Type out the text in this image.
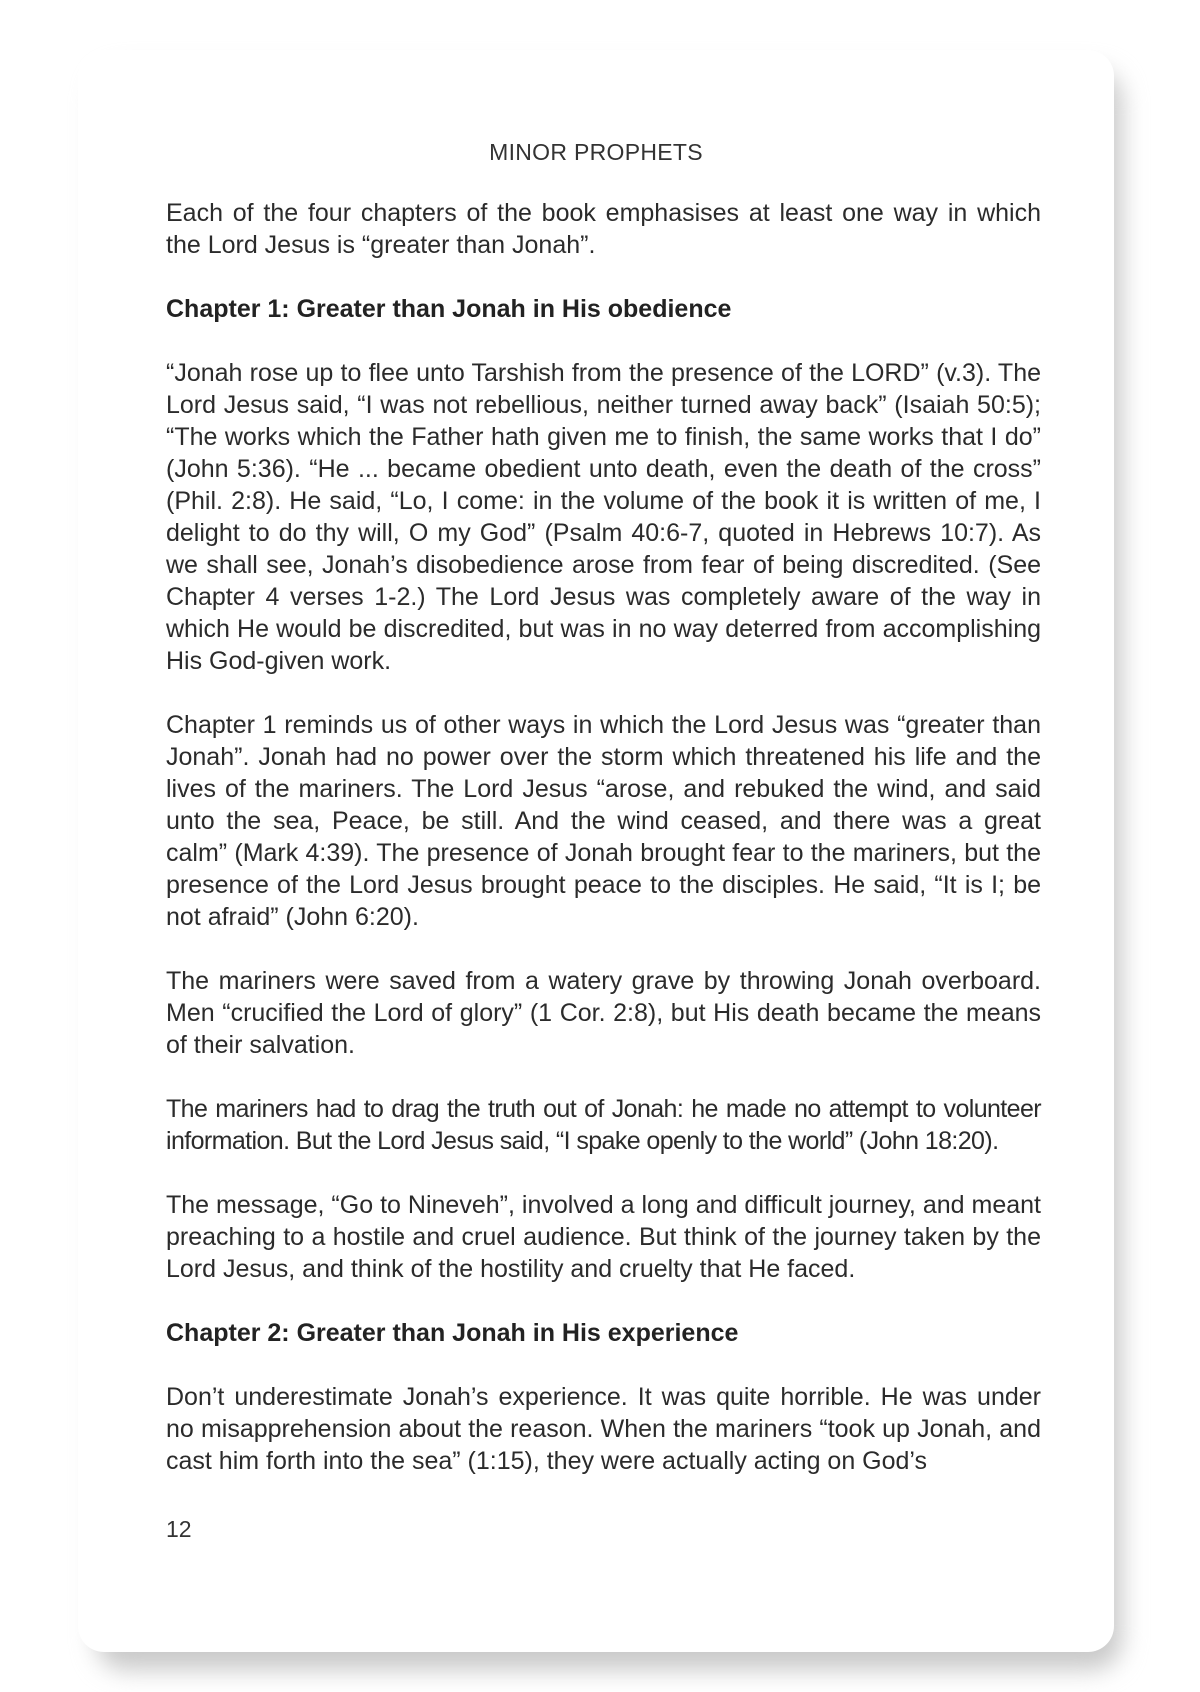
MINOR PROPHETS

Each of the four chapters of the book emphasises at least one way in which the Lord Jesus is “greater than Jonah”.

Chapter 1: Greater than Jonah in His obedience

“Jonah rose up to flee unto Tarshish from the presence of the LORD” (v.3). The Lord Jesus said, “I was not rebellious, neither turned away back” (Isaiah 50:5); “The works which the Father hath given me to finish, the same works that I do” (John 5:36). “He ... became obedient unto death, even the death of the cross” (Phil. 2:8). He said, “Lo, I come: in the volume of the book it is written of me, I delight to do thy will, O my God” (Psalm 40:6-7, quoted in Hebrews 10:7). As we shall see, Jonah’s disobedience arose from fear of being discredited. (See Chapter 4 verses 1-2.) The Lord Jesus was completely aware of the way in which He would be discredited, but was in no way deterred from accomplishing His God-given work.

Chapter 1 reminds us of other ways in which the Lord Jesus was “greater than Jonah”. Jonah had no power over the storm which threatened his life and the lives of the mariners. The Lord Jesus “arose, and rebuked the wind, and said unto the sea, Peace, be still. And the wind ceased, and there was a great calm” (Mark 4:39). The presence of Jonah brought fear to the mariners, but the presence of the Lord Jesus brought peace to the disciples. He said, “It is I; be not afraid” (John 6:20).

The mariners were saved from a watery grave by throwing Jonah overboard. Men “crucified the Lord of glory” (1 Cor. 2:8), but His death became the means of their salvation.

The mariners had to drag the truth out of Jonah: he made no attempt to volunteer information. But the Lord Jesus said, “I spake openly to the world” (John 18:20).

The message, “Go to Nineveh”, involved a long and difficult journey, and meant preaching to a hostile and cruel audience. But think of the journey taken by the Lord Jesus, and think of the hostility and cruelty that He faced.

Chapter 2: Greater than Jonah in His experience

Don’t underestimate Jonah’s experience. It was quite horrible. He was under no misapprehension about the reason. When the mariners “took up Jonah, and cast him forth into the sea” (1:15), they were actually acting on God’s

12
